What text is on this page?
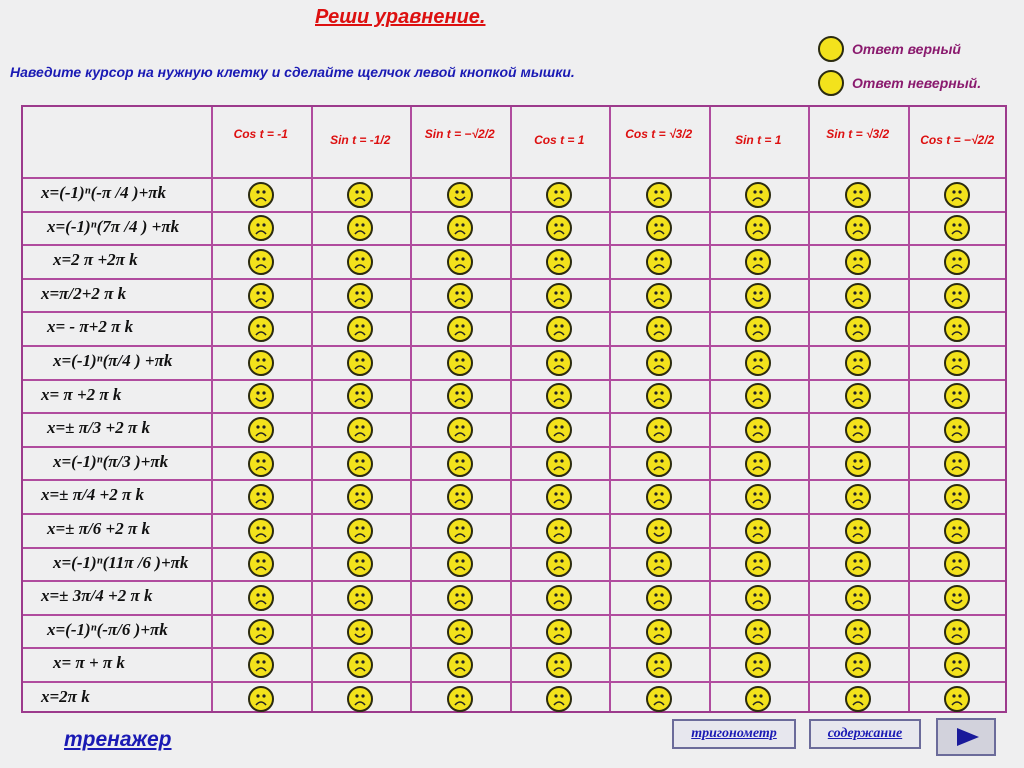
Реши уравнение.
Наведите курсор на нужную клетку и сделайте щелчок левой кнопкой мышки.
Ответ верный
Ответ неверный.
Cos t = -1	Sin t = -1/2	Sin t = −√2/2	Cos t = 1	Cos t = √3/2	Sin t = 1	Sin t = √3/2	Cos t = −√2/2
x=(-1)ⁿ(-π /4 )+πk
x=(-1)ⁿ(7π /4 ) +πk
x=2 π +2π k
x=π/2+2 π k
x= - π+2 π k
x=(-1)ⁿ(π/4 ) +πk
x= π +2 π k
x=± π/3 +2 π k
x=(-1)ⁿ(π/3 )+πk
x=± π/4 +2 π k
x=± π/6 +2 π k
x=(-1)ⁿ(11π /6 )+πk
x=± 3π/4 +2 π k
x=(-1)ⁿ(-π/6 )+πk
x= π + π k
x=2π k
тренажер	тригонометр	содержание
